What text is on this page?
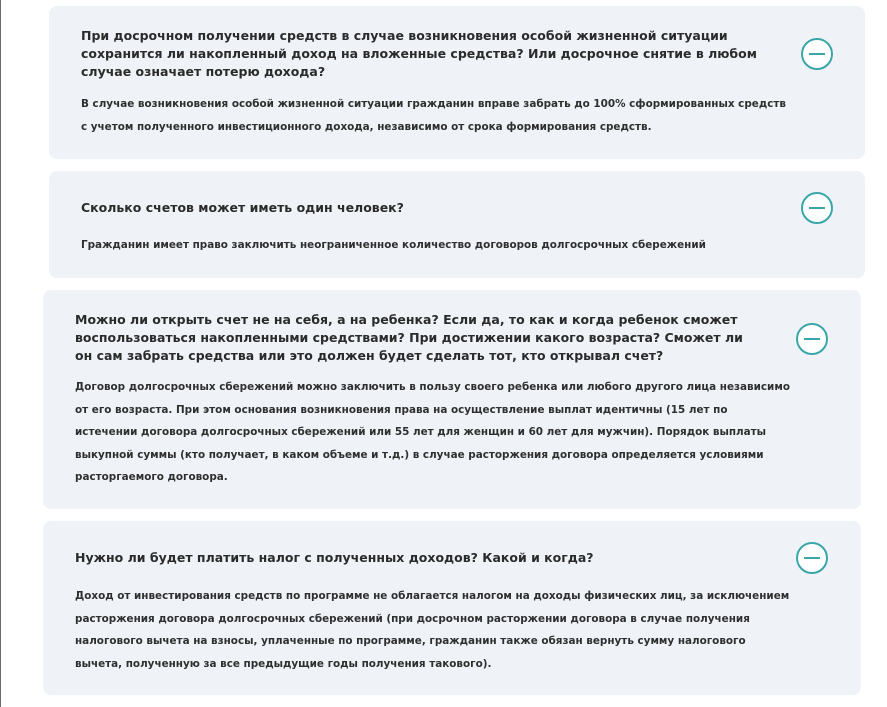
При досрочном получении средств в случае возникновения особой жизненной ситуации сохранится ли накопленный доход на вложенные средства? Или досрочное снятие в любом случае означает потерю дохода?

В случае возникновения особой жизненной ситуации гражданин вправе забрать до 100% сформированных средств с учетом полученного инвестиционного дохода, независимо от срока формирования средств.

Сколько счетов может иметь один человек?

Гражданин имеет право заключить неограниченное количество договоров долгосрочных сбережений

Можно ли открыть счет не на себя, а на ребенка? Если да, то как и когда ребенок сможет воспользоваться накопленными средствами? При достижении какого возраста? Сможет ли он сам забрать средства или это должен будет сделать тот, кто открывал счет?

Договор долгосрочных сбережений можно заключить в пользу своего ребенка или любого другого лица независимо от его возраста. При этом основания возникновения права на осуществление выплат идентичны (15 лет по истечении договора долгосрочных сбережений или 55 лет для женщин и 60 лет для мужчин). Порядок выплаты выкупной суммы (кто получает, в каком объеме и т.д.) в случае расторжения договора определяется условиями расторгаемого договора.

Нужно ли будет платить налог с полученных доходов? Какой и когда?

Доход от инвестирования средств по программе не облагается налогом на доходы физических лиц, за исключением расторжения договора долгосрочных сбережений (при досрочном расторжении договора в случае получения налогового вычета на взносы, уплаченные по программе, гражданин также обязан вернуть сумму налогового вычета, полученную за все предыдущие годы получения такового).
